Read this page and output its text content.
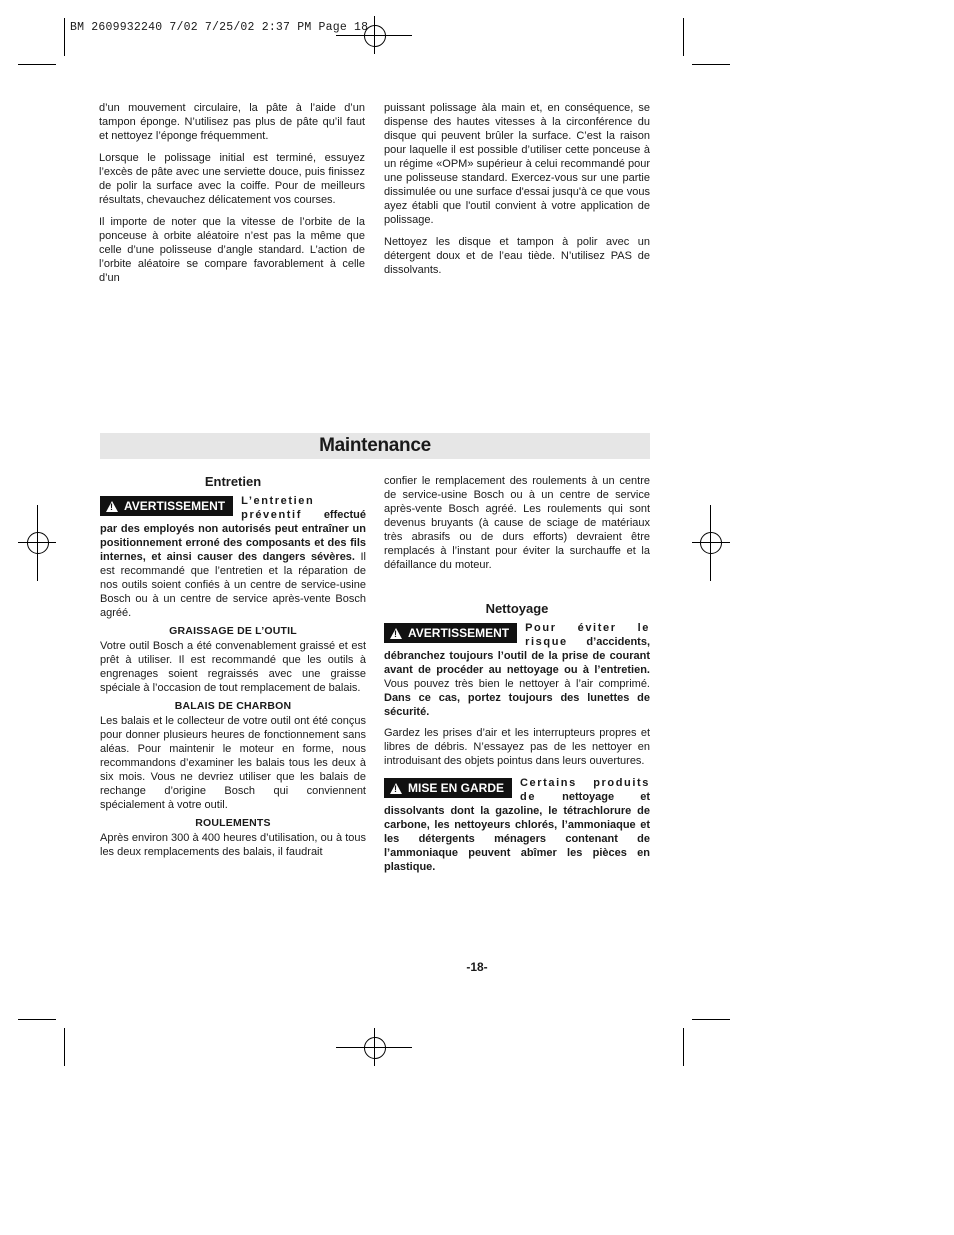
BM 2609932240 7/02 7/25/02 2:37 PM Page 18

d’un mouvement circulaire, la pâte à l’aide d’un tampon éponge. N’utilisez pas plus de pâte qu’il faut et nettoyez l’éponge fréquemment.

Lorsque le polissage initial est terminé, essuyez l’excès de pâte avec une serviette douce, puis finissez de polir la surface avec la coiffe. Pour de meilleurs résultats, chevauchez délicatement vos courses.

Il importe de noter que la vitesse de l’orbite de la ponceuse à orbite aléatoire n’est pas la même que celle d’une polisseuse d’angle standard. L’action de l’orbite aléatoire se compare favorablement à celle d’un

puissant polissage àla main et, en conséquence, se dispense des hautes vitesses à la circonférence du disque qui peuvent brûler la surface. C’est la raison pour laquelle il est possible d’utiliser cette ponceuse à un régime «OPM» supérieur à celui recommandé pour une polisseuse standard. Exercez-vous sur une partie dissimulée ou une surface d'essai jusqu'à ce que vous ayez établi que l'outil convient à votre application de polissage.

Nettoyez les disque et tampon à polir avec un détergent doux et de l’eau tiède. N’utilisez PAS de dissolvants.

Maintenance
Entretien
!
AVERTISSEMENT L’entretien préventif effectué par des employés non autorisés peut entraîner un positionnement erroné des composants et des fils internes, et ainsi causer des dangers sévères. Il est recommandé que l’entretien et la réparation de nos outils soient confiés à un centre de service-usine Bosch ou à un centre de service après-vente Bosch agréé.
GRAISSAGE DE L’OUTIL

Votre outil Bosch a été convenablement graissé et est prêt à utiliser. Il est recommandé que les outils à engrenages soient regraissés avec une graisse spéciale à l’occasion de tout remplacement de balais.

BALAIS DE CHARBON

Les balais et le collecteur de votre outil ont été conçus pour donner plusieurs heures de fonctionnement sans aléas. Pour maintenir le moteur en forme, nous recommandons d’examiner les balais tous les deux à six mois. Vous ne devriez utiliser que les balais de rechange d’origine Bosch qui conviennent spécialement à votre outil.

ROULEMENTS

Après environ 300 à 400 heures d’utilisation, ou à tous les deux remplacements des balais, il faudrait

confier le remplacement des roulements à un centre de service-usine Bosch ou à un centre de service après-vente Bosch agréé. Les roulements qui sont devenus bruyants (à cause de sciage de matériaux très abrasifs ou de durs efforts) devraient être remplacés à l’instant pour éviter la surchauffe et la défaillance du moteur.

Nettoyage
!
AVERTISSEMENT Pour éviter le risque d’accidents, débranchez toujours l’outil de la prise de courant avant de procéder au nettoyage ou à l’entretien. Vous pouvez très bien le nettoyer à l’air comprimé. Dans ce cas, portez toujours des lunettes de sécurité.

Gardez les prises d’air et les interrupteurs propres et libres de débris. N’essayez pas de les nettoyer en introduisant des objets pointus dans leurs ouvertures.

!
MISE EN GARDE Certains produits de nettoyage et dissolvants dont la gazoline, le tétrachlorure de carbone, les nettoyeurs chlorés, l’ammoniaque et les détergents ménagers contenant de l’ammoniaque peuvent abîmer les pièces en plastique.
-18-
